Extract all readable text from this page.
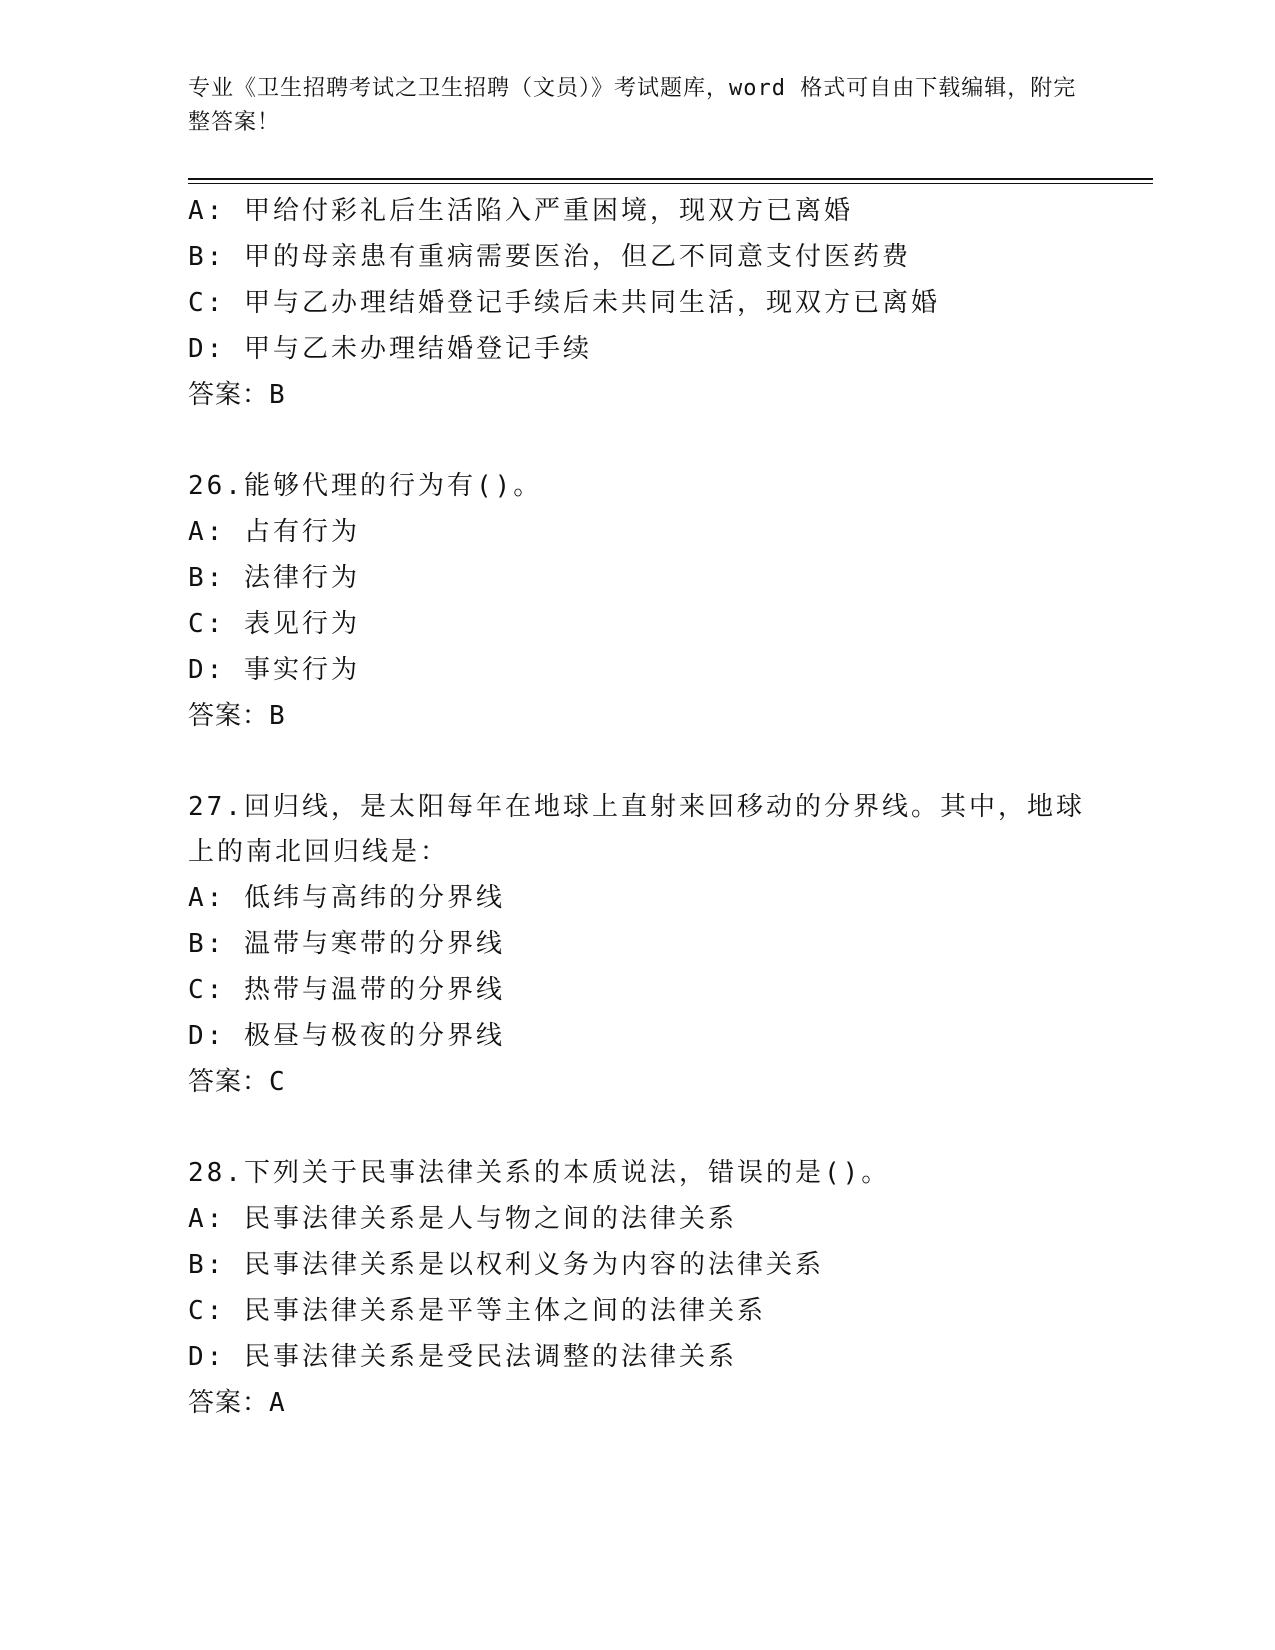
专业《卫生招聘考试之卫生招聘（文员）》考试题库，word 格式可自由下载编辑，附完整答案！
A: 甲给付彩礼后生活陷入严重困境，现双方已离婚
B: 甲的母亲患有重病需要医治，但乙不同意支付医药费
C: 甲与乙办理结婚登记手续后未共同生活，现双方已离婚
D: 甲与乙未办理结婚登记手续
答案：B
26.能够代理的行为有()。
A: 占有行为
B: 法律行为
C: 表见行为
D: 事实行为
答案：B
27.回归线，是太阳每年在地球上直射来回移动的分界线。其中，地球上的南北回归线是：
A: 低纬与高纬的分界线
B: 温带与寒带的分界线
C: 热带与温带的分界线
D: 极昼与极夜的分界线
答案：C
28.下列关于民事法律关系的本质说法，错误的是()。
A: 民事法律关系是人与物之间的法律关系
B: 民事法律关系是以权利义务为内容的法律关系
C: 民事法律关系是平等主体之间的法律关系
D: 民事法律关系是受民法调整的法律关系
答案：A
